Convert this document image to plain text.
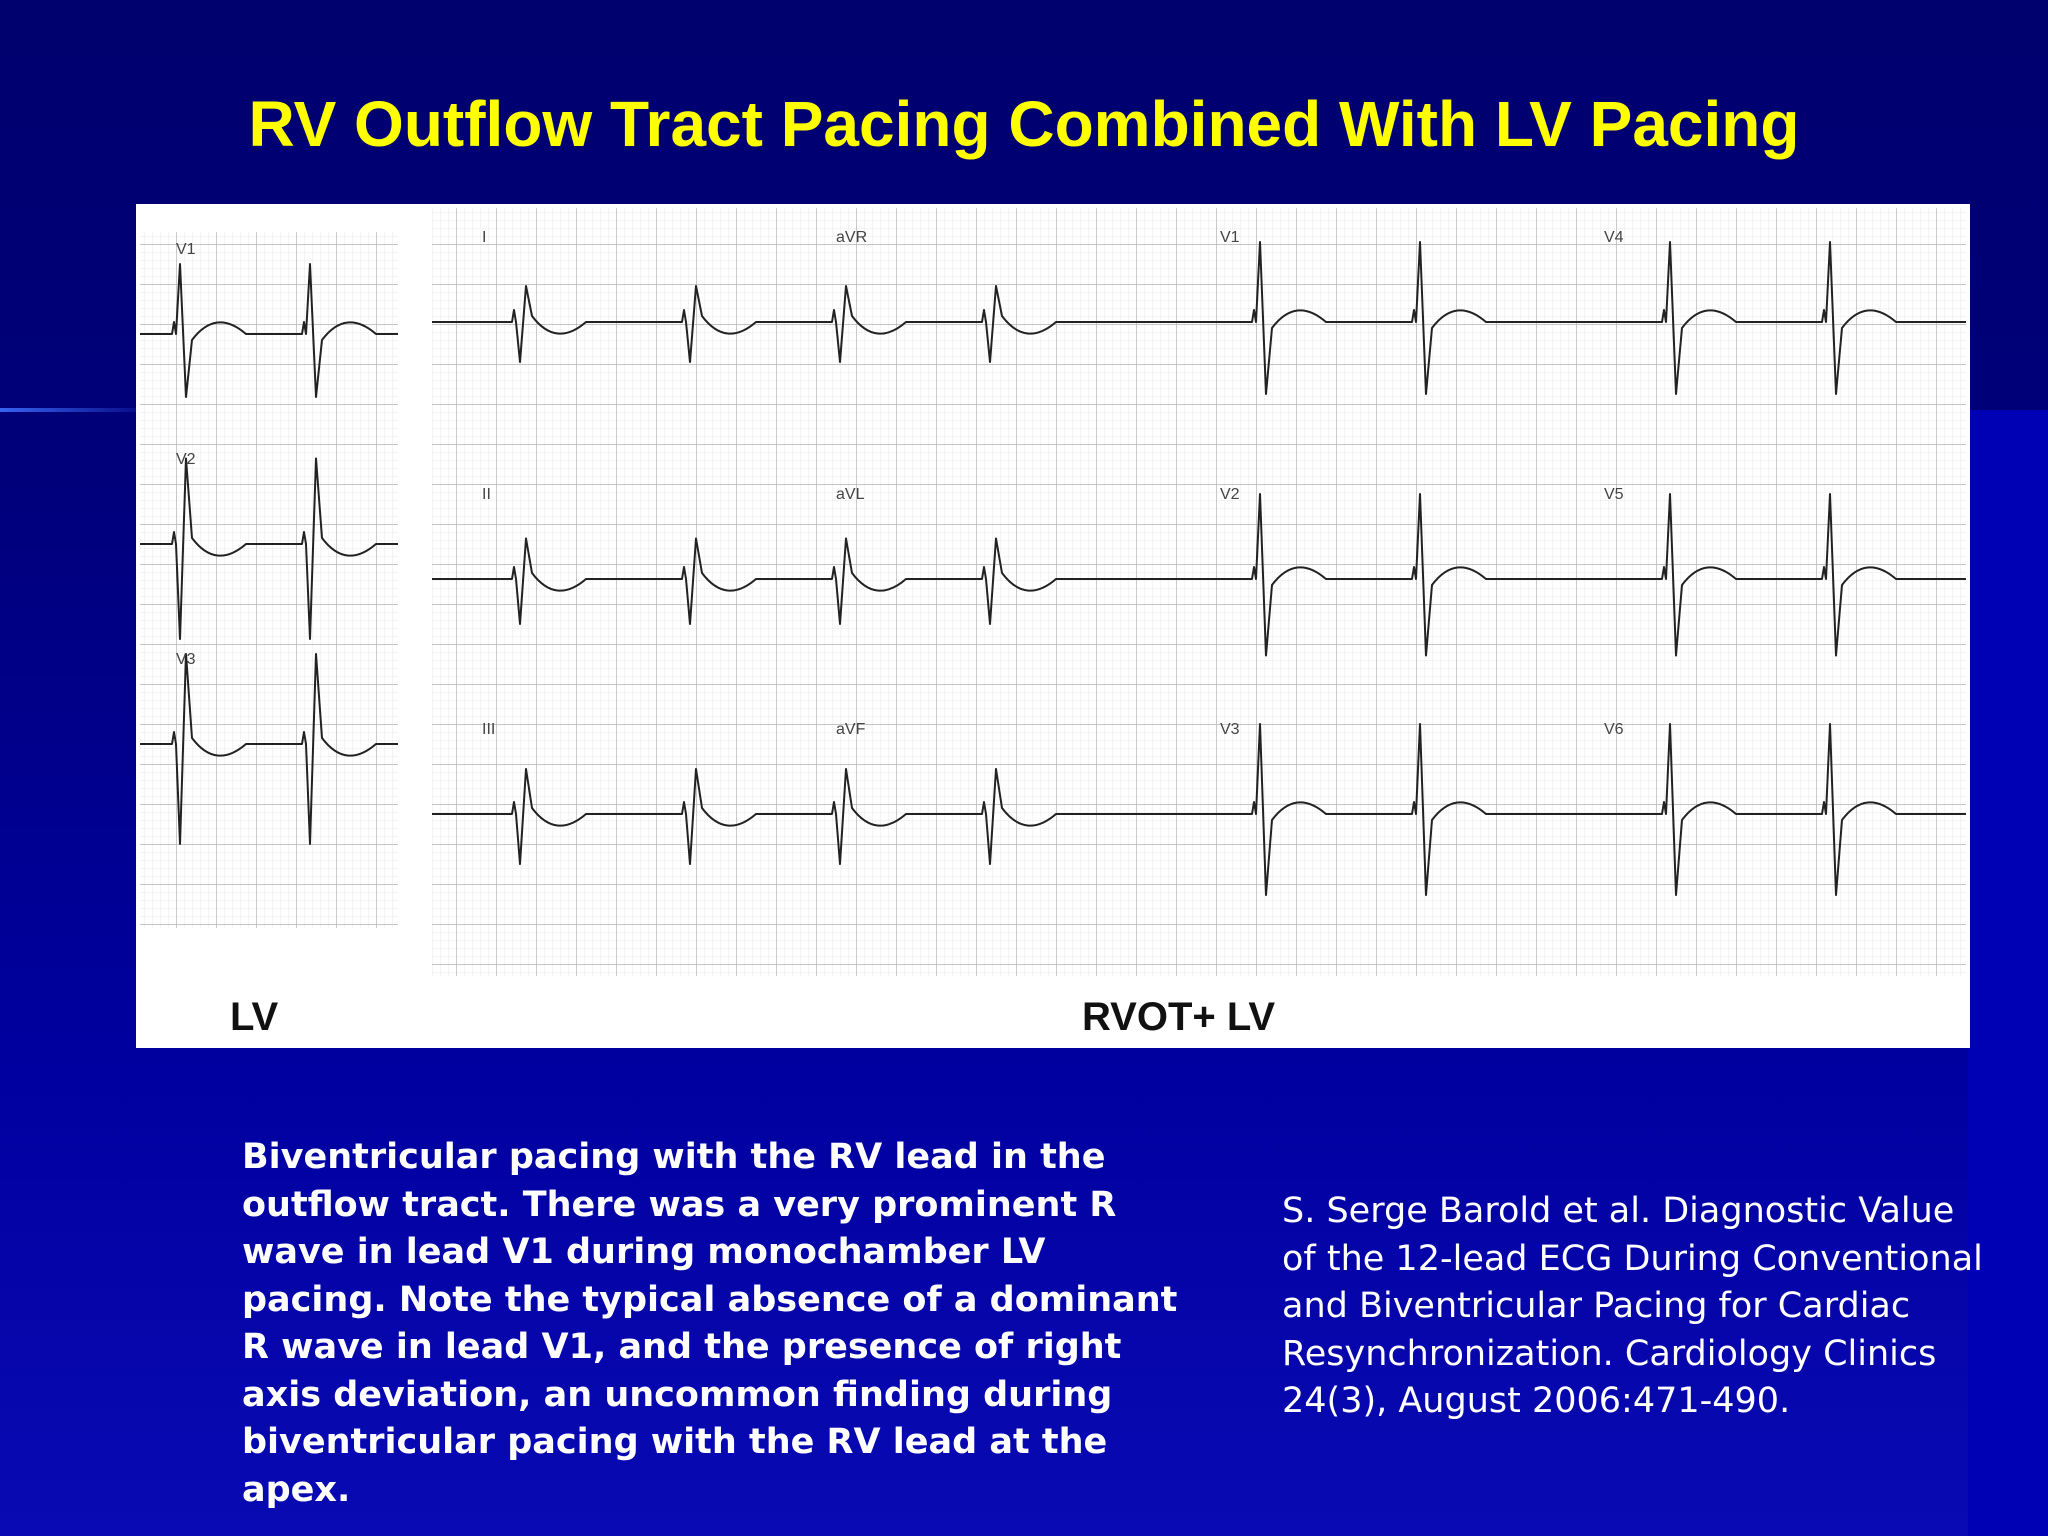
RV Outflow Tract Pacing Combined With LV Pacing
V1
V2
V3
I	aVR	V1	V4
II	aVL	V2	V5
III	aVF	V3	V6
LV	RVOT+ LV
Biventricular pacing with the RV lead in the
outflow tract. There was a very prominent R
wave in lead V1 during monochamber LV
pacing. Note the typical absence of a dominant
R wave in lead V1, and the presence of right
axis deviation, an uncommon finding during
biventricular pacing with the RV lead at the
apex.
S. Serge Barold et al. Diagnostic Value
of the 12-lead ECG During Conventional
and Biventricular Pacing for Cardiac
Resynchronization. Cardiology Clinics
24(3), August 2006:471-490.
